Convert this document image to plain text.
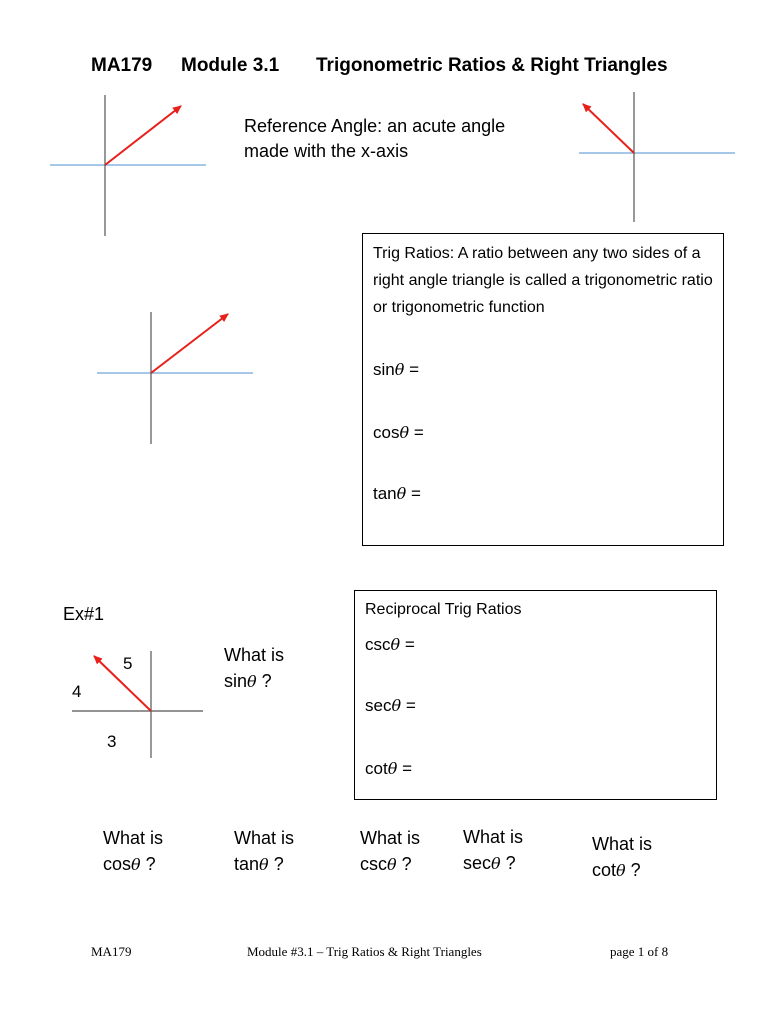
MA179

Module 3.1

Trigonometric Ratios & Right Triangles

Reference Angle: an acute angle
made with the x-axis
Trig Ratios: A ratio between any two sides of a right angle triangle is called a trigonometric ratio or trigonometric function
sinθ =
cosθ =
tanθ =
Ex#1
5
4
3
What is
sinθ ?
Reciprocal Trig Ratios
cscθ =
secθ =
cotθ =
What is
cosθ ?
What is
tanθ ?
What is
cscθ ?
What is
secθ ?
What is
cotθ ?
MA179	Module #3.1 – Trig Ratios & Right Triangles	page 1 of 8
